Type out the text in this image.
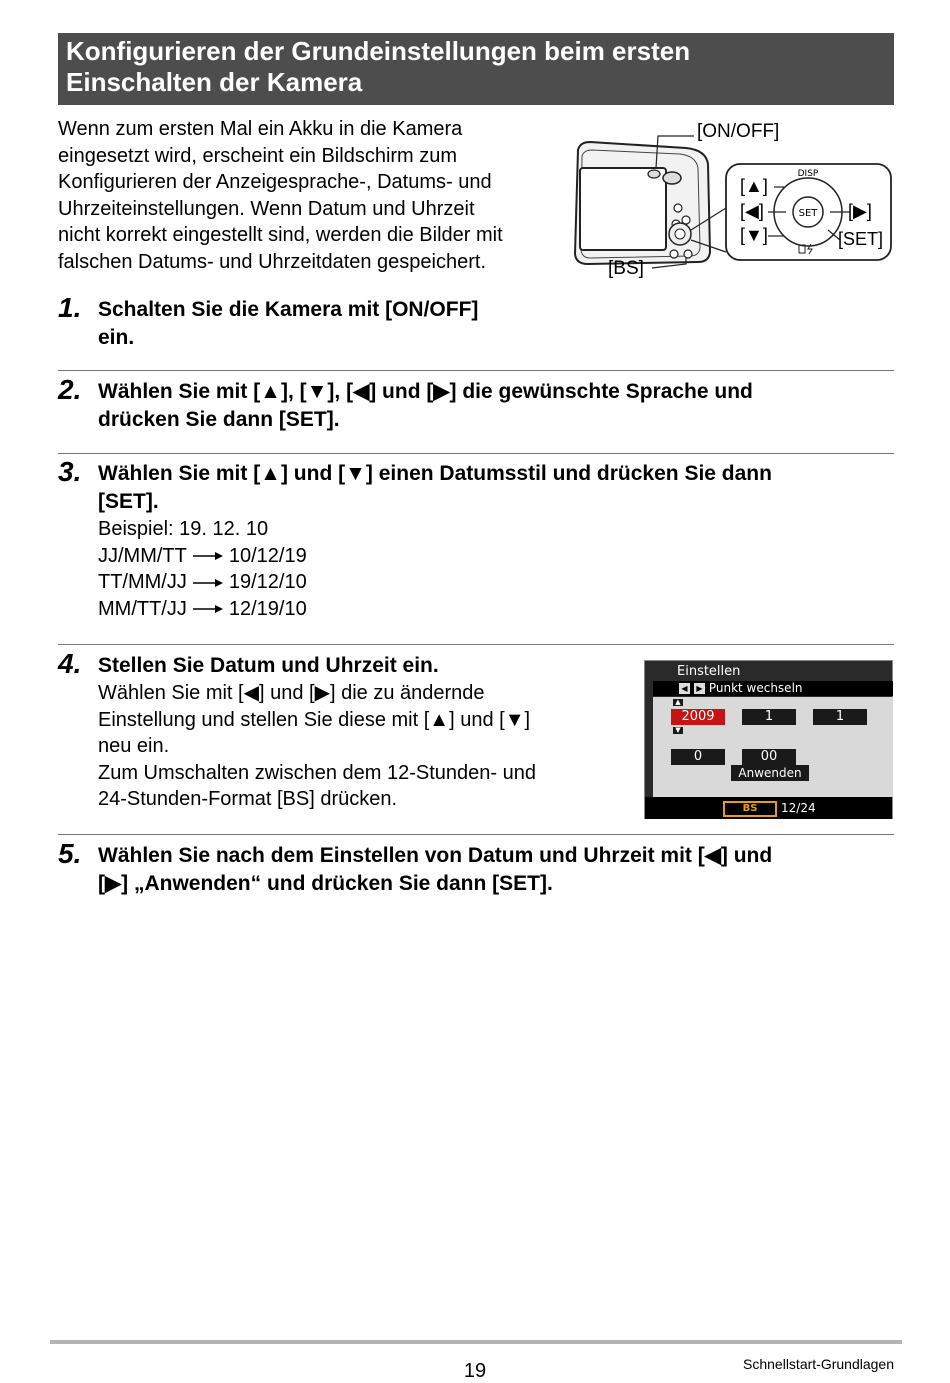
Konfigurieren der Grundeinstellungen beim ersten
Einschalten der Kamera
Wenn zum ersten Mal ein Akku in die Kamera
eingesetzt wird, erscheint ein Bildschirm zum
Konfigurieren der Anzeigesprache-, Datums- und
Uhrzeiteinstellungen. Wenn Datum und Uhrzeit
nicht korrekt eingestellt sind, werden die Bilder mit
falschen Datums- und Uhrzeitdaten gespeichert.
SET
DISP
[ON/OFF]
[BS]
[▲]
[◀]	[▶]
[▼]	[SET]
1. Schalten Sie die Kamera mit [ON/OFF]
ein.
2. Wählen Sie mit [▲], [▼], [◀] und [▶] die gewünschte Sprache und
drücken Sie dann [SET].
3. Wählen Sie mit [▲] und [▼] einen Datumsstil und drücken Sie dann
[SET].
Beispiel: 19. 12. 10
JJ/MM/TT 10/12/19
TT/MM/JJ 19/12/10
MM/TT/JJ 12/19/10
4. Stellen Sie Datum und Uhrzeit ein.
Wählen Sie mit [◀] und [▶] die zu ändernde
Einstellung und stellen Sie diese mit [▲] und [▼]
neu ein.
Zum Umschalten zwischen dem 12-Stunden- und
24-Stunden-Format [BS] drücken.
Einstellen
◀ ▶ Punkt wechseln
▲
2009
▼
1	1
0	00
Anwenden
BS	12/24
5. Wählen Sie nach dem Einstellen von Datum und Uhrzeit mit [◀] und
[▶] „Anwenden“ und drücken Sie dann [SET].
19	Schnellstart-Grundlagen
